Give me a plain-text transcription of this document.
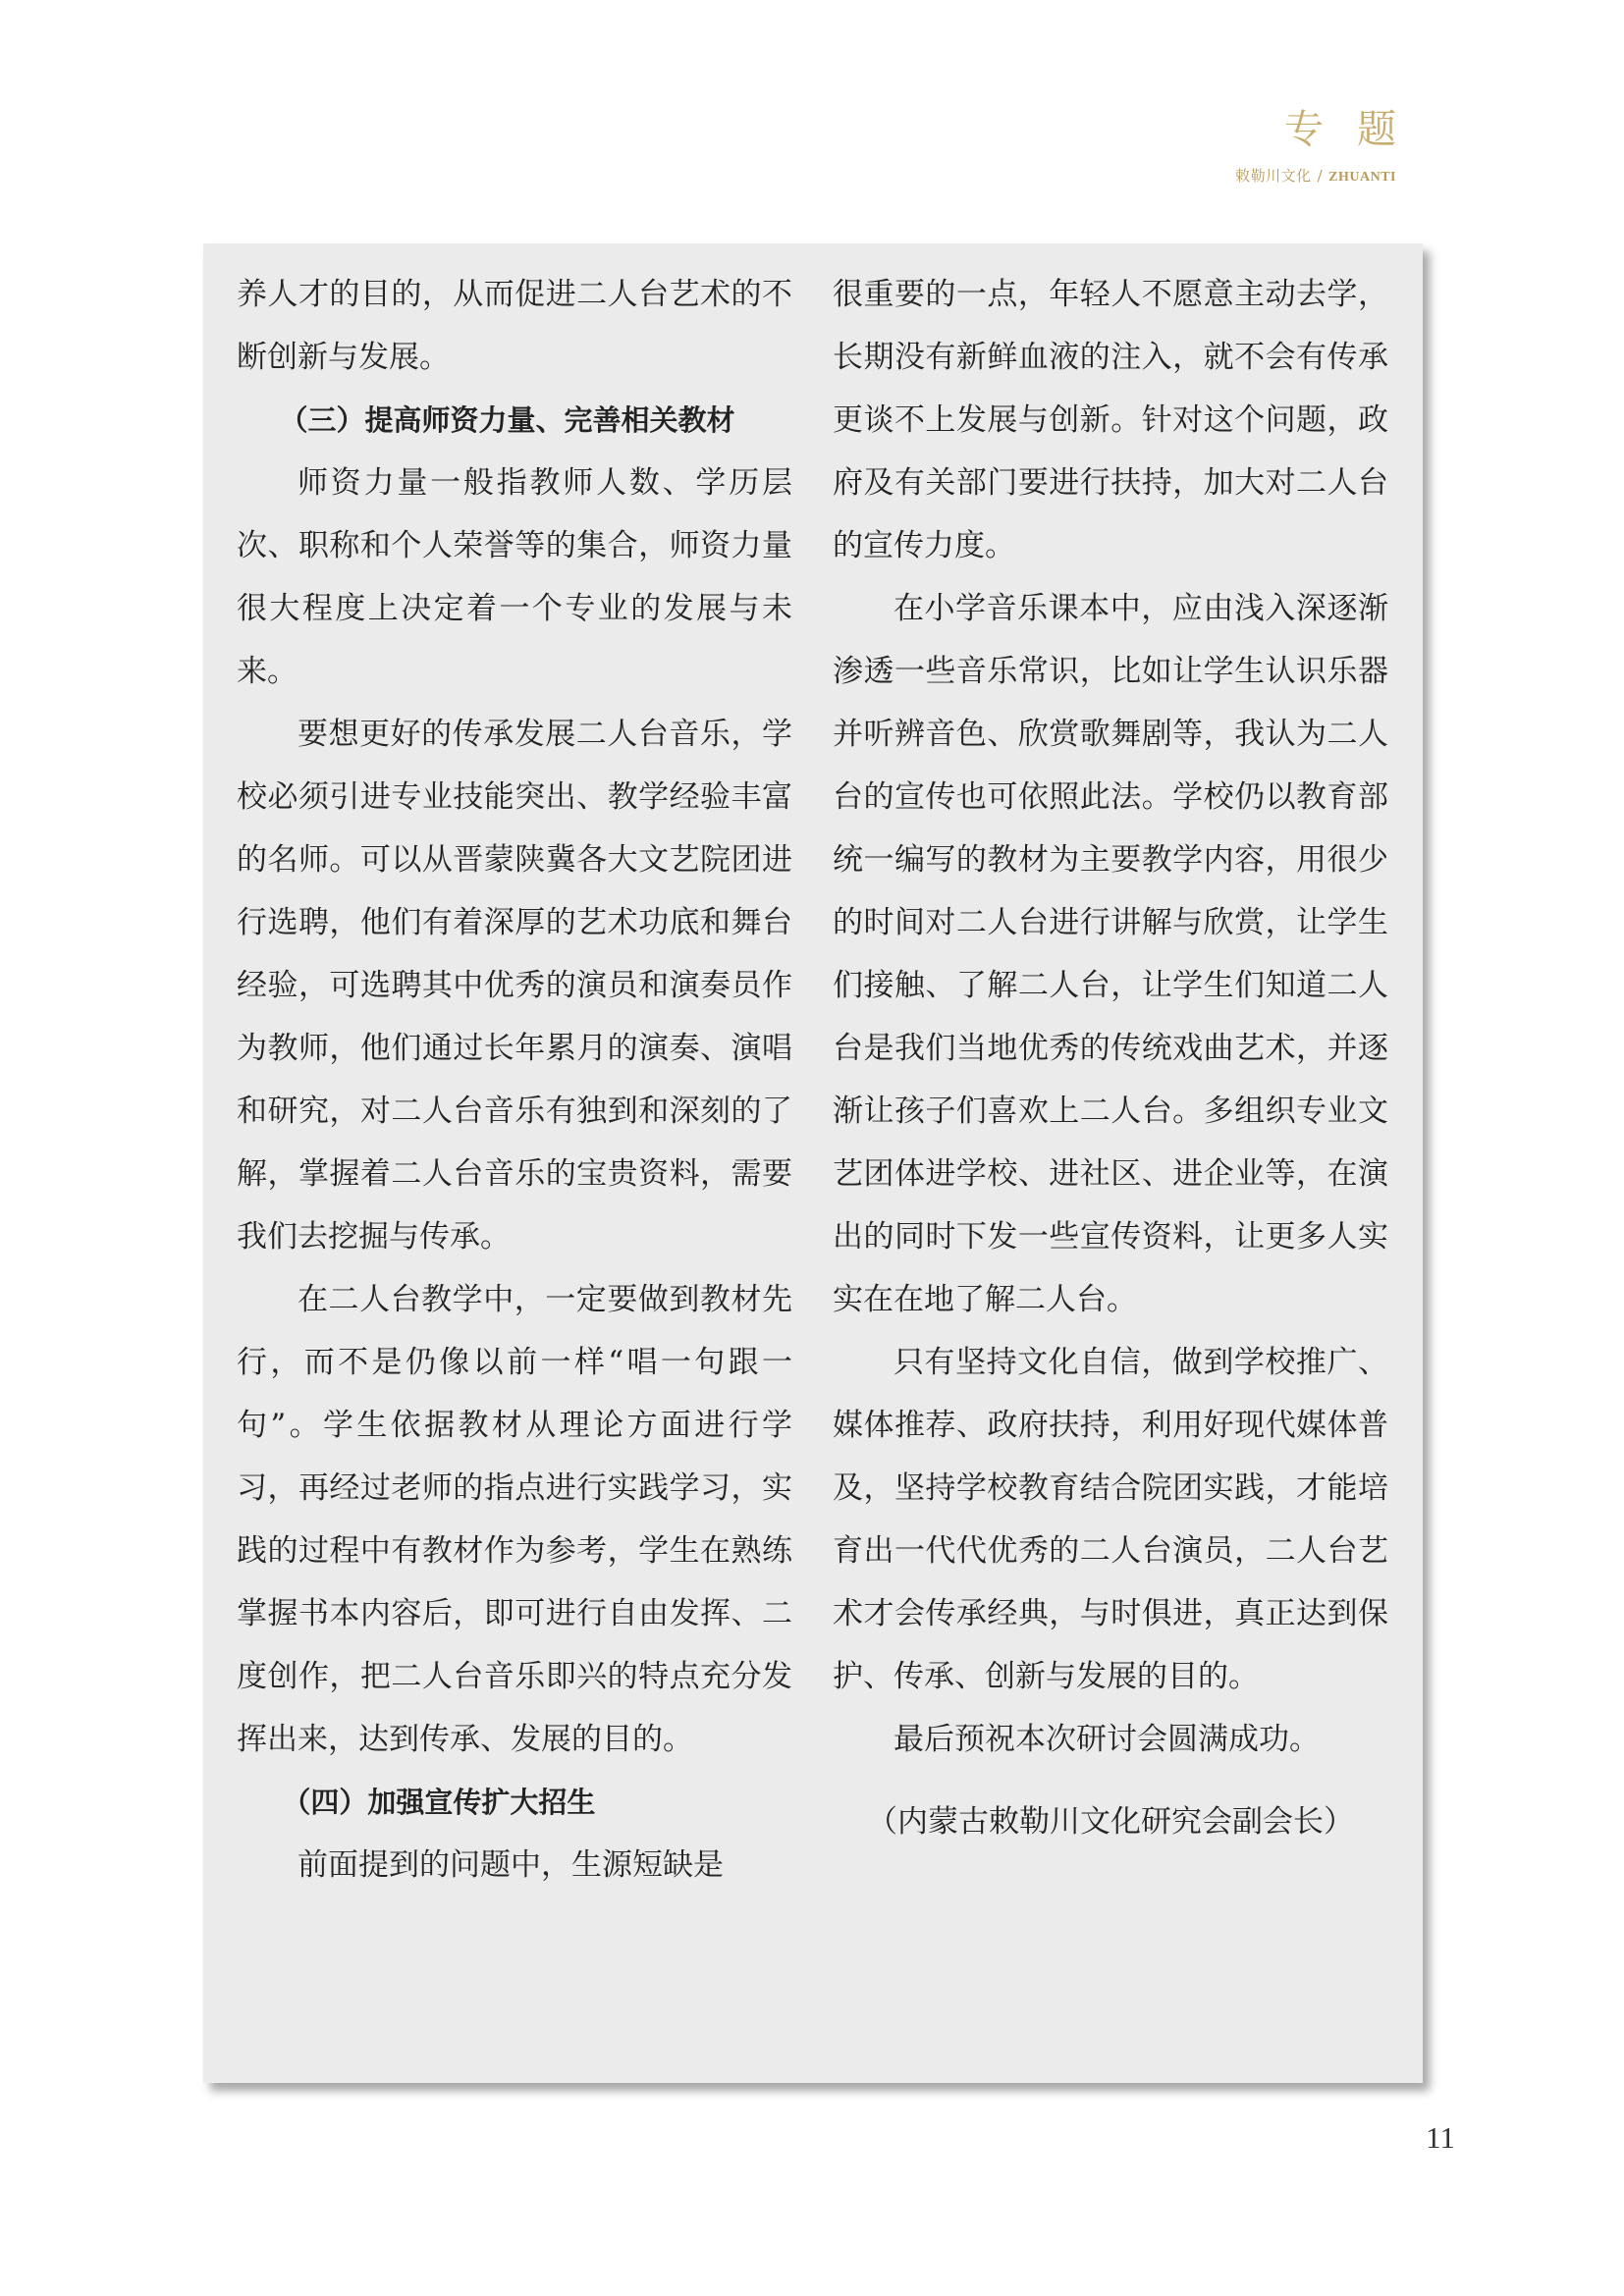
专题
敕勒川文化 / ZHUANTI

养人才的目的，从而促进二人台艺术的不断创新与发展。

（三）提高师资力量、完善相关教材

师资力量一般指教师人数、学历层次、职称和个人荣誉等的集合，师资力量很大程度上决定着一个专业的发展与未来。

要想更好的传承发展二人台音乐，学校必须引进专业技能突出、教学经验丰富的名师。可以从晋蒙陕冀各大文艺院团进行选聘，他们有着深厚的艺术功底和舞台经验，可选聘其中优秀的演员和演奏员作为教师，他们通过长年累月的演奏、演唱和研究，对二人台音乐有独到和深刻的了解，掌握着二人台音乐的宝贵资料，需要我们去挖掘与传承。

在二人台教学中，一定要做到教材先行，而不是仍像以前一样“唱一句跟一句”。学生依据教材从理论方面进行学习，再经过老师的指点进行实践学习，实践的过程中有教材作为参考，学生在熟练掌握书本内容后，即可进行自由发挥、二度创作，把二人台音乐即兴的特点充分发挥出来，达到传承、发展的目的。

（四）加强宣传扩大招生

前面提到的问题中，生源短缺是

很重要的一点，年轻人不愿意主动去学，长期没有新鲜血液的注入，就不会有传承更谈不上发展与创新。针对这个问题，政府及有关部门要进行扶持，加大对二人台的宣传力度。

在小学音乐课本中，应由浅入深逐渐渗透一些音乐常识，比如让学生认识乐器并听辨音色、欣赏歌舞剧等，我认为二人台的宣传也可依照此法。学校仍以教育部统一编写的教材为主要教学内容，用很少的时间对二人台进行讲解与欣赏，让学生们接触、了解二人台，让学生们知道二人台是我们当地优秀的传统戏曲艺术，并逐渐让孩子们喜欢上二人台。多组织专业文艺团体进学校、进社区、进企业等，在演出的同时下发一些宣传资料，让更多人实实在在地了解二人台。

只有坚持文化自信，做到学校推广、媒体推荐、政府扶持，利用好现代媒体普及，坚持学校教育结合院团实践，才能培育出一代代优秀的二人台演员，二人台艺术才会传承经典，与时俱进，真正达到保护、传承、创新与发展的目的。

最后预祝本次研讨会圆满成功。

（内蒙古敕勒川文化研究会副会长）

11
